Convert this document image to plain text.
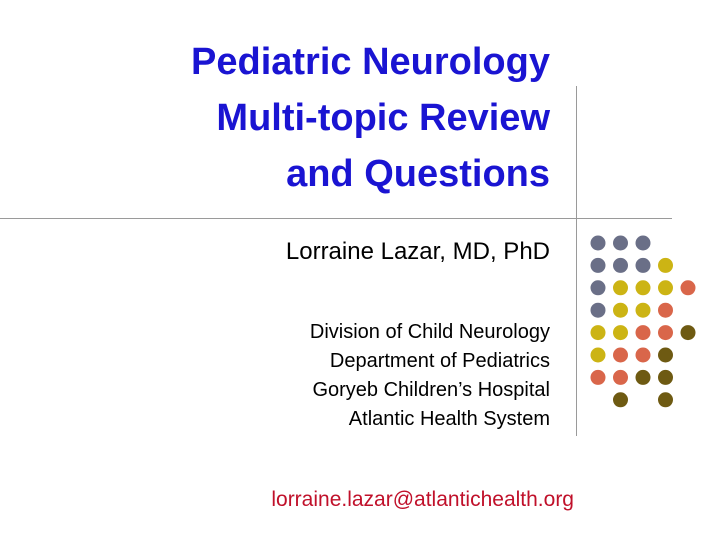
Pediatric Neurology
Multi-topic Review
and Questions

Lorraine Lazar, MD, PhD

Division of Child Neurology
Department of Pediatrics
Goryeb Children’s Hospital
Atlantic Health System
lorraine.lazar@atlantichealth.org
